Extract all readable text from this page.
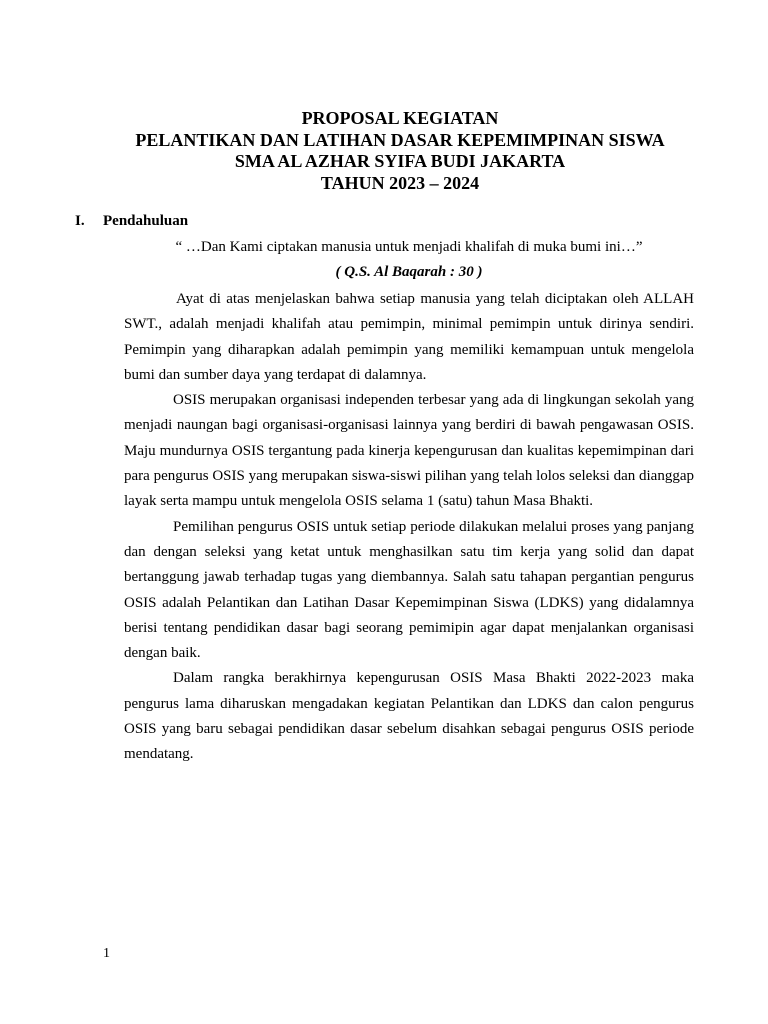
PROPOSAL KEGIATAN
PELANTIKAN DAN LATIHAN DASAR KEPEMIMPINAN SISWA
SMA AL AZHAR SYIFA BUDI JAKARTA
TAHUN 2023 – 2024
I. Pendahuluan
“ …Dan Kami ciptakan manusia untuk menjadi khalifah di muka bumi ini…”
( Q.S. Al Baqarah : 30 )

Ayat di atas menjelaskan bahwa setiap manusia yang telah diciptakan oleh ALLAH SWT., adalah menjadi khalifah atau pemimpin, minimal pemimpin untuk dirinya sendiri. Pemimpin yang diharapkan adalah pemimpin yang memiliki kemampuan untuk mengelola bumi dan sumber daya yang terdapat di dalamnya.

OSIS merupakan organisasi independen terbesar yang ada di lingkungan sekolah yang menjadi naungan bagi organisasi-organisasi lainnya yang berdiri di bawah pengawasan OSIS. Maju mundurnya OSIS tergantung pada kinerja kepengurusan dan kualitas kepemimpinan dari para pengurus OSIS yang merupakan siswa-siswi pilihan yang telah lolos seleksi dan dianggap layak serta mampu untuk mengelola OSIS selama 1 (satu) tahun Masa Bhakti.

Pemilihan pengurus OSIS untuk setiap periode dilakukan melalui proses yang panjang dan dengan seleksi yang ketat untuk menghasilkan satu tim kerja yang solid dan dapat bertanggung jawab terhadap tugas yang diembannya. Salah satu tahapan pergantian pengurus OSIS adalah Pelantikan dan Latihan Dasar Kepemimpinan Siswa (LDKS) yang didalamnya berisi tentang pendidikan dasar bagi seorang pemimipin agar dapat menjalankan organisasi dengan baik.

Dalam rangka berakhirnya kepengurusan OSIS Masa Bhakti 2022-2023 maka pengurus lama diharuskan mengadakan kegiatan Pelantikan dan LDKS dan calon pengurus OSIS yang baru sebagai pendidikan dasar sebelum disahkan sebagai pengurus OSIS periode mendatang.

1
